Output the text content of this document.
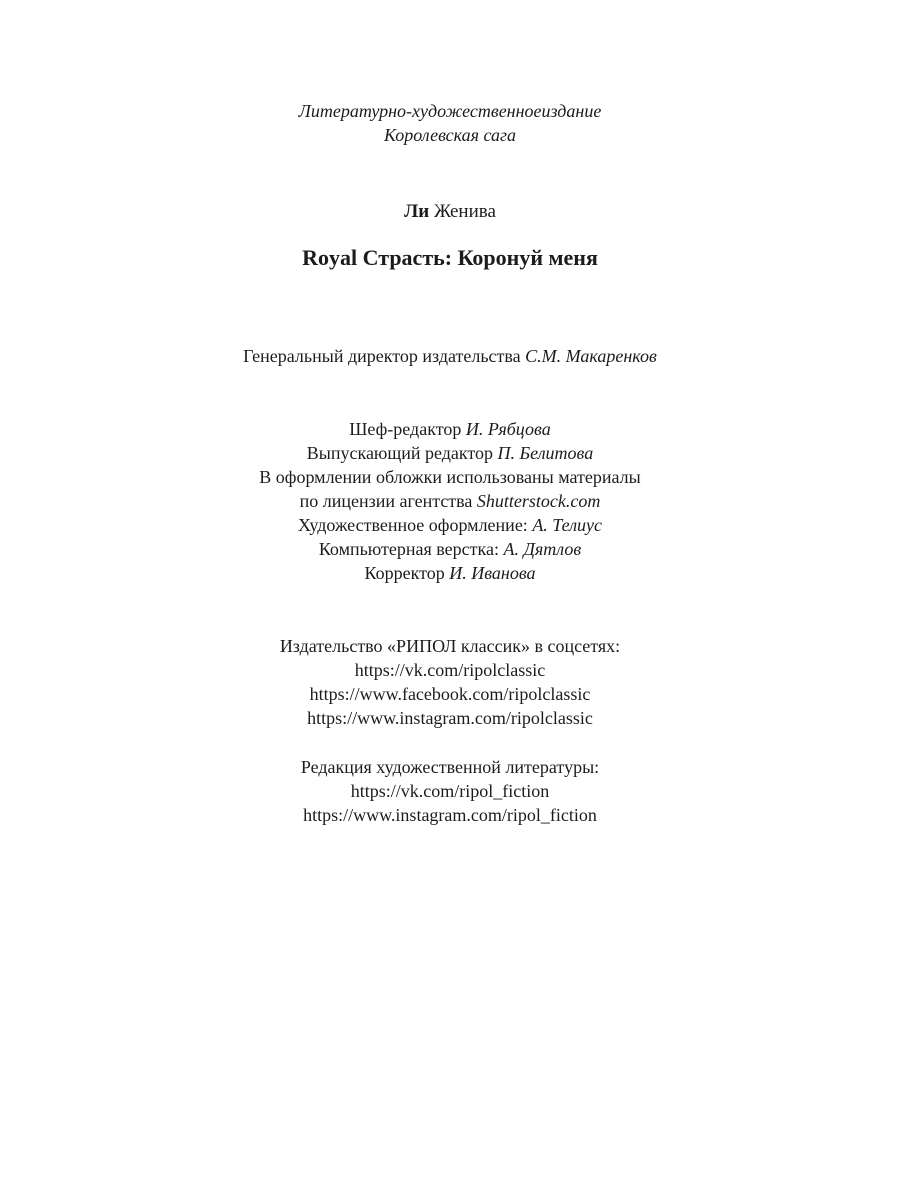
Литературно-художественноеиздание
Королевская сага
Ли Женива
Royal Страсть: Коронуй меня
Генеральный директор издательства С.М. Макаренков
Шеф-редактор И. Рябцова
Выпускающий редактор П. Белитова
В оформлении обложки использованы материалы
по лицензии агентства Shutterstock.com
Художественное оформление: А. Телиус
Компьютерная верстка: А. Дятлов
Корректор И. Иванова
Издательство «РИПОЛ классик» в соцсетях:
https://vk.com/ripolclassic
https://www.facebook.com/ripolclassic
https://www.instagram.com/ripolclassic
Редакция художественной литературы:
https://vk.com/ripol_fiction
https://www.instagram.com/ripol_fiction
